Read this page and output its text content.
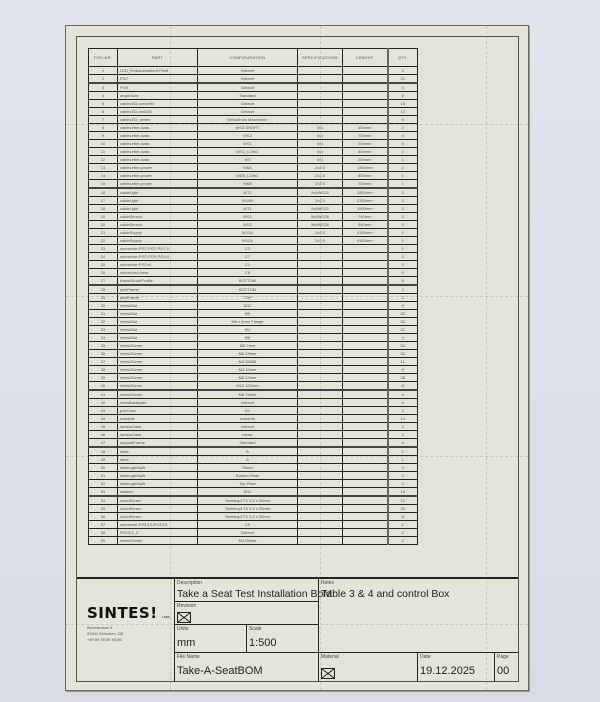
POS-NR.	PART	CONFIGURATION	SPECIFICATIONS	LENGHT	QTY:
1	LED_EinbaustrahlerSYSe8	Default			2
2	PG7	Default			21
3	PG9	Default			4
4	angleJoint	Standard			8
5	cableLED-corner90	Default			18
6	cableLED-mid180	Default			12
7	cableLED_center	Default<As Machined>			6
8	cableLetter-data	WS3-SHORT	3x1	500mm	2
9	cableLetter-data	WS2	3x1	700mm	4
10	cableLetter-data	WS1	3x1	200mm	5
11	cableLetter-data	WS1_LONG	3x1	300mm	1
12	cableLetter-data	W3	3x1	200mm	1
13	cableLetter-power	W6A	2x2.5	1300mm	2
14	cableLetter-power	W6B_LONG	2x2.5	800mm	1
15	cableLetter-power	W6B	2x2.5	700mm	1
16	cableLight	WT2	2xAWG22	2800mm	2
17	cableLight	W14B	2x2.5	2150mm	2
18	cableLight	WT1	2xAWG22	1900mm	2
19	cableSensor	WS1	5xAWG26	740mm	2
20	cableSensor	WS2	5xAWG26	540mm	2
21	cableSupply	W13A	2x2.5	4150mm	1
22	cableSupply	W12A	2x2.5	4150mm	1
23	connector-PG7-PG7-PG7-0	C3			1
24	connector-PG7-PG9-PG9-0	C7			2
25	connector-PG7x4	C1			2
26	connectorLinear	C8			6
27	frameMountProfile	BOTTOM			8
28	jointFrame	BOTTOM			2
29	jointFrame	TOP			2
30	metricNut	M12			8
31	metricNut	M5			80
32	metricNut	M6 x 4mm Flange			32
33	metricNut	M4			21
34	metricNut	M6			4
35	metricScrew	M5 7mm			54
36	metricScrew	M6 15mm			32
37	metricScrew	M4 35MM			11
38	metricScrew	M4 10mm			8
39	metricScrew	M5 12mm			28
40	metricScrew	M12 100mm			8
41	metricScrew	M6 75mm			4
42	neonBackplate	Default			6
43	pcbCase	D1			2
44	schlaufe	schlaufe			14
45	sensorCase	Default			2
46	sensorCase	mirror			2
47	supportFrame	Standard			4
48	table	B			1
49	table	A			1
50	tableLightSplit	Sheet			4
51	tableLightSplit	Bottom Plate			2
52	tableLightSplit	Top Plate			2
53	washer	M12			18
54	woodScrew	Senkkopf TX 4.5 x 30mm			12
55	woodScrew	Tellerkopf TX 4.0 x 25mm			20
56	woodScrew	Senkkopf TX 3.5 x 30mm			8
57	connector-PG13.5-PG13.5	C9			1
58	PG13,5_2	Default			2
59	metricScrew	M4 65mm			2
SINTES! LABS
Benzstrasse 5
81541 München, DE
+49 89 38 86 93 86
Description
Take a Seat Test Installation BoM
Revision
Units
mm
Scale
1:500
File Name
Take-A-SeatBOM
Notes
Table 3 & 4 and control Box
Material	Date
19.12.2025
Page
00
